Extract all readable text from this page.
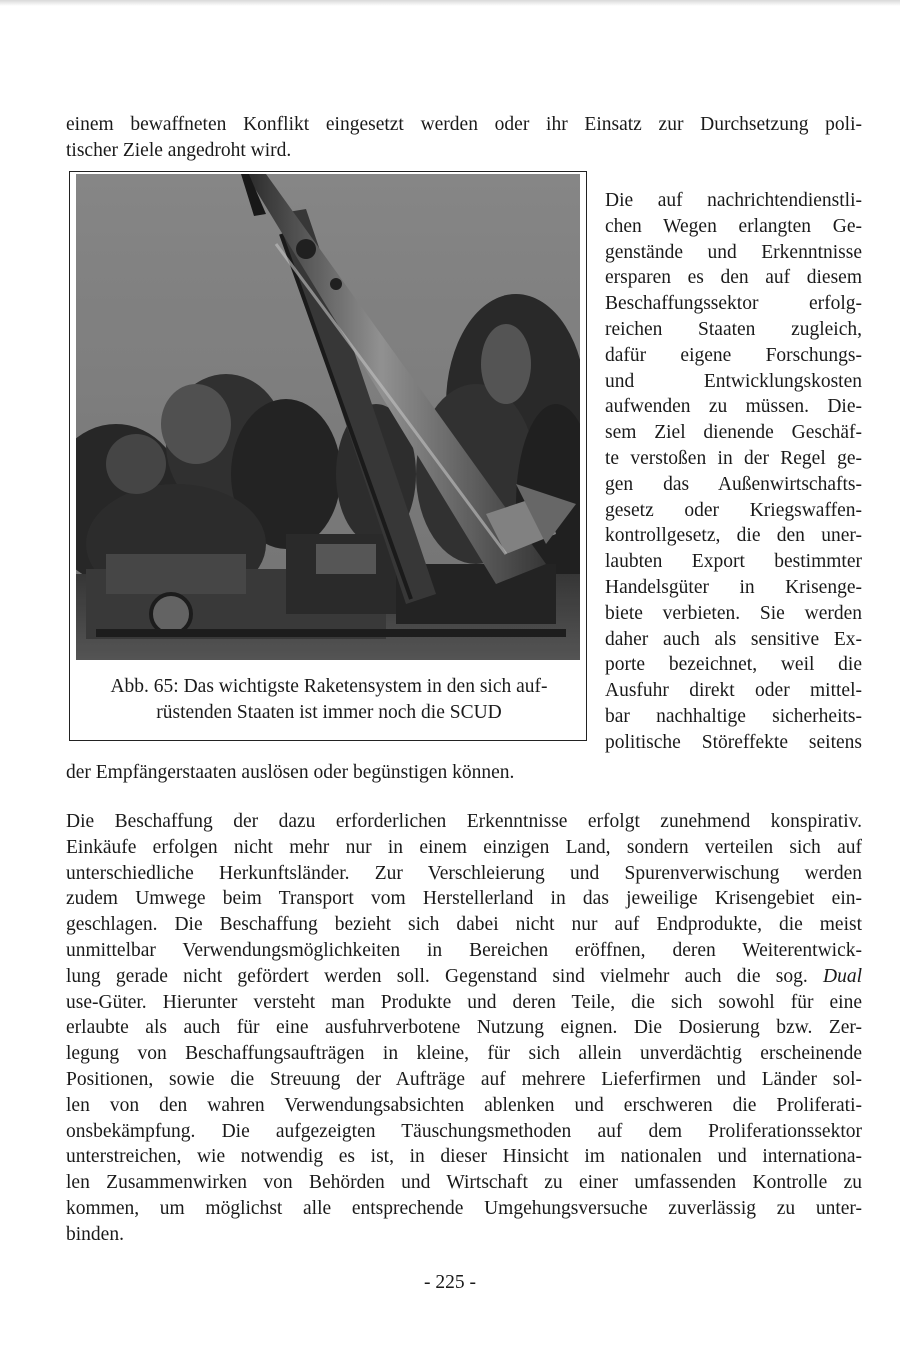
einem bewaffneten Konflikt eingesetzt werden oder ihr Einsatz zur Durchsetzung poli-
tischer Ziele angedroht wird.
Abb. 65: Das wichtigste Raketensystem in den sich auf-
rüstenden Staaten ist immer noch die SCUD
Die auf nachrichtendienstli-
chen Wegen erlangten Ge-
genstände und Erkenntnisse
ersparen es den auf diesem
Beschaffungssektor erfolg-
reichen Staaten zugleich,
dafür eigene Forschungs-
und Entwicklungskosten
aufwenden zu müssen. Die-
sem Ziel dienende Geschäf-
te verstoßen in der Regel ge-
gen das Außenwirtschafts-
gesetz oder Kriegswaffen-
kontrollgesetz, die den uner-
laubten Export bestimmter
Handelsgüter in Krisenge-
biete verbieten. Sie werden
daher auch als sensitive Ex-
porte bezeichnet, weil die
Ausfuhr direkt oder mittel-
bar nachhaltige sicherheits-
politische Störeffekte seitens
der Empfängerstaaten auslösen oder begünstigen können.
Die Beschaffung der dazu erforderlichen Erkenntnisse erfolgt zunehmend konspirativ.
Einkäufe erfolgen nicht mehr nur in einem einzigen Land, sondern verteilen sich auf
unterschiedliche Herkunftsländer. Zur Verschleierung und Spurenverwischung werden
zudem Umwege beim Transport vom Herstellerland in das jeweilige Krisengebiet ein-
geschlagen. Die Beschaffung bezieht sich dabei nicht nur auf Endprodukte, die meist
unmittelbar Verwendungsmöglichkeiten in Bereichen eröffnen, deren Weiterentwick-
lung gerade nicht gefördert werden soll. Gegenstand sind vielmehr auch die sog. Dual
use-Güter. Hierunter versteht man Produkte und deren Teile, die sich sowohl für eine
erlaubte als auch für eine ausfuhrverbotene Nutzung eignen. Die Dosierung bzw. Zer-
legung von Beschaffungsaufträgen in kleine, für sich allein unverdächtig erscheinende
Positionen, sowie die Streuung der Aufträge auf mehrere Lieferfirmen und Länder sol-
len von den wahren Verwendungsabsichten ablenken und erschweren die Proliferati-
onsbekämpfung. Die aufgezeigten Täuschungsmethoden auf dem Proliferationssektor
unterstreichen, wie notwendig es ist, in dieser Hinsicht im nationalen und internationa-
len Zusammenwirken von Behörden und Wirtschaft zu einer umfassenden Kontrolle zu
kommen, um möglichst alle entsprechende Umgehungsversuche zuverlässig zu unter-
binden.
- 225 -
